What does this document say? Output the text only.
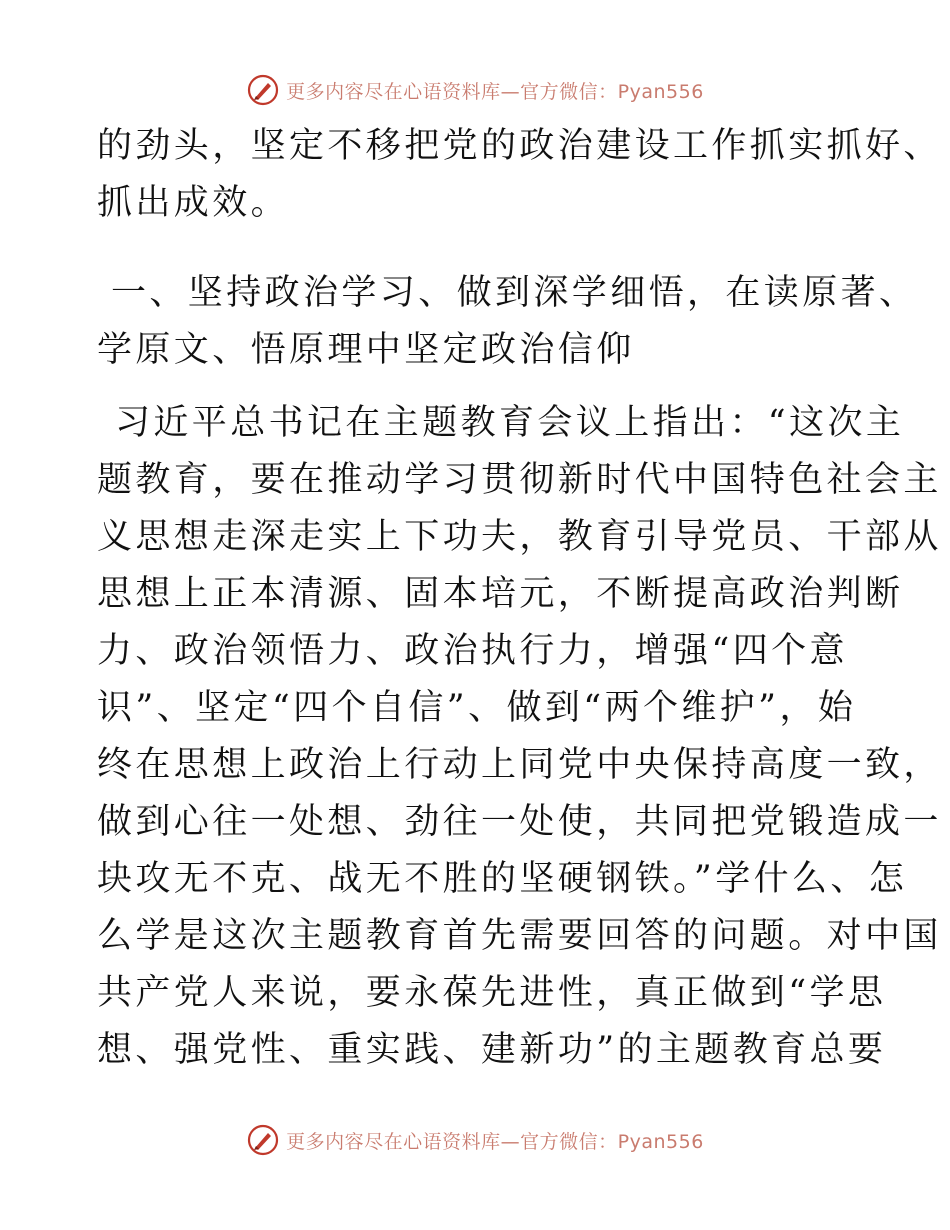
更多内容尽在心语资料库—官方微信：Pyan556
的劲头，坚定不移把党的政治建设工作抓实抓好、
抓出成效。
一、坚持政治学习、做到深学细悟，在读原著、
学原文、悟原理中坚定政治信仰
习近平总书记在主题教育会议上指出：“这次主
题教育，要在推动学习贯彻新时代中国特色社会主
义思想走深走实上下功夫，教育引导党员、干部从
思想上正本清源、固本培元，不断提高政治判断
力、政治领悟力、政治执行力，增强“四个意
识”、坚定“四个自信”、做到“两个维护”，始
终在思想上政治上行动上同党中央保持高度一致，
做到心往一处想、劲往一处使，共同把党锻造成一
块攻无不克、战无不胜的坚硬钢铁。”学什么、怎
么学是这次主题教育首先需要回答的问题。对中国
共产党人来说，要永葆先进性，真正做到“学思
想、强党性、重实践、建新功”的主题教育总要
更多内容尽在心语资料库—官方微信：Pyan556
